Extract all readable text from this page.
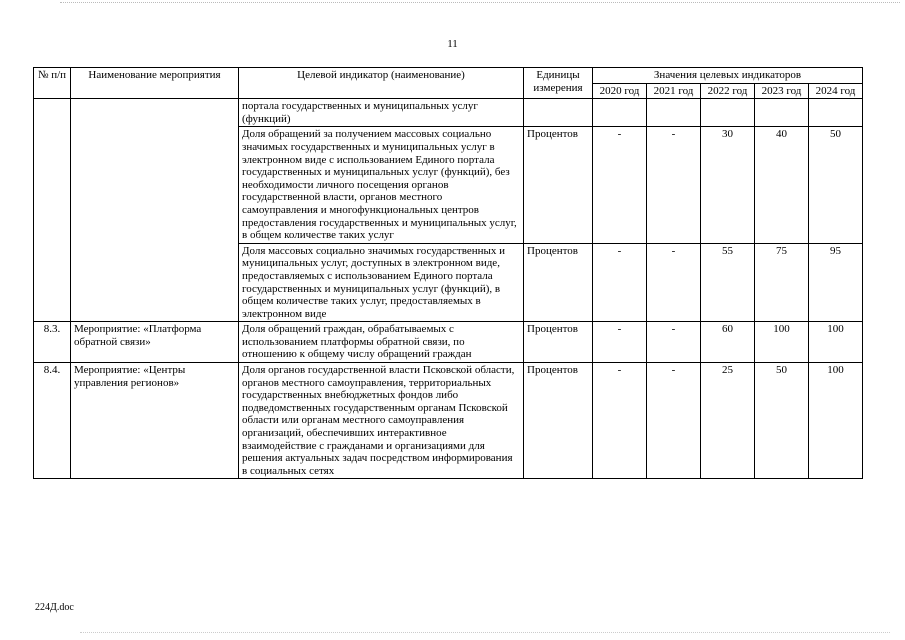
11
№ п/п	Наименование мероприятия	Целевой индикатор (наименование)	Единицы измерения	Значения целевых индикаторов				
				2020 год	2021 год	2022 год	2023 год	2024 год
		портала государственных и муниципальных услуг (функций)						
		Доля обращений за получением массовых социально значимых государственных и муниципальных услуг в электронном виде с использованием Единого портала государственных и муниципальных услуг (функций), без необходимости личного посещения органов государственной власти, органов местного самоуправления и многофункциональных центров предоставления государственных и муниципальных услуг, в общем количестве таких услуг	Процентов	-	-	30	40	50
		Доля массовых социально значимых государственных и муниципальных услуг, доступных в электронном виде, предоставляемых с использованием Единого портала государственных и муниципальных услуг (функций), в общем количестве таких услуг, предоставляемых в электронном виде	Процентов	-	-	55	75	95
8.3.	Мероприятие: «Платформа обратной связи»	Доля обращений граждан, обрабатываемых с использованием платформы обратной связи, по отношению к общему числу обращений граждан	Процентов	-	-	60	100	100
8.4.	Мероприятие: «Центры управления регионов»	Доля органов государственной власти Псковской области, органов местного самоуправления, территориальных государственных внебюджетных фондов либо подведомственных государственным органам Псковской области или органам местного самоуправления организаций, обеспечивших интерактивное взаимодействие с гражданами и организациями для решения актуальных задач посредством информирования в социальных сетях	Процентов	-	-	25	50	100
224Д.doc
